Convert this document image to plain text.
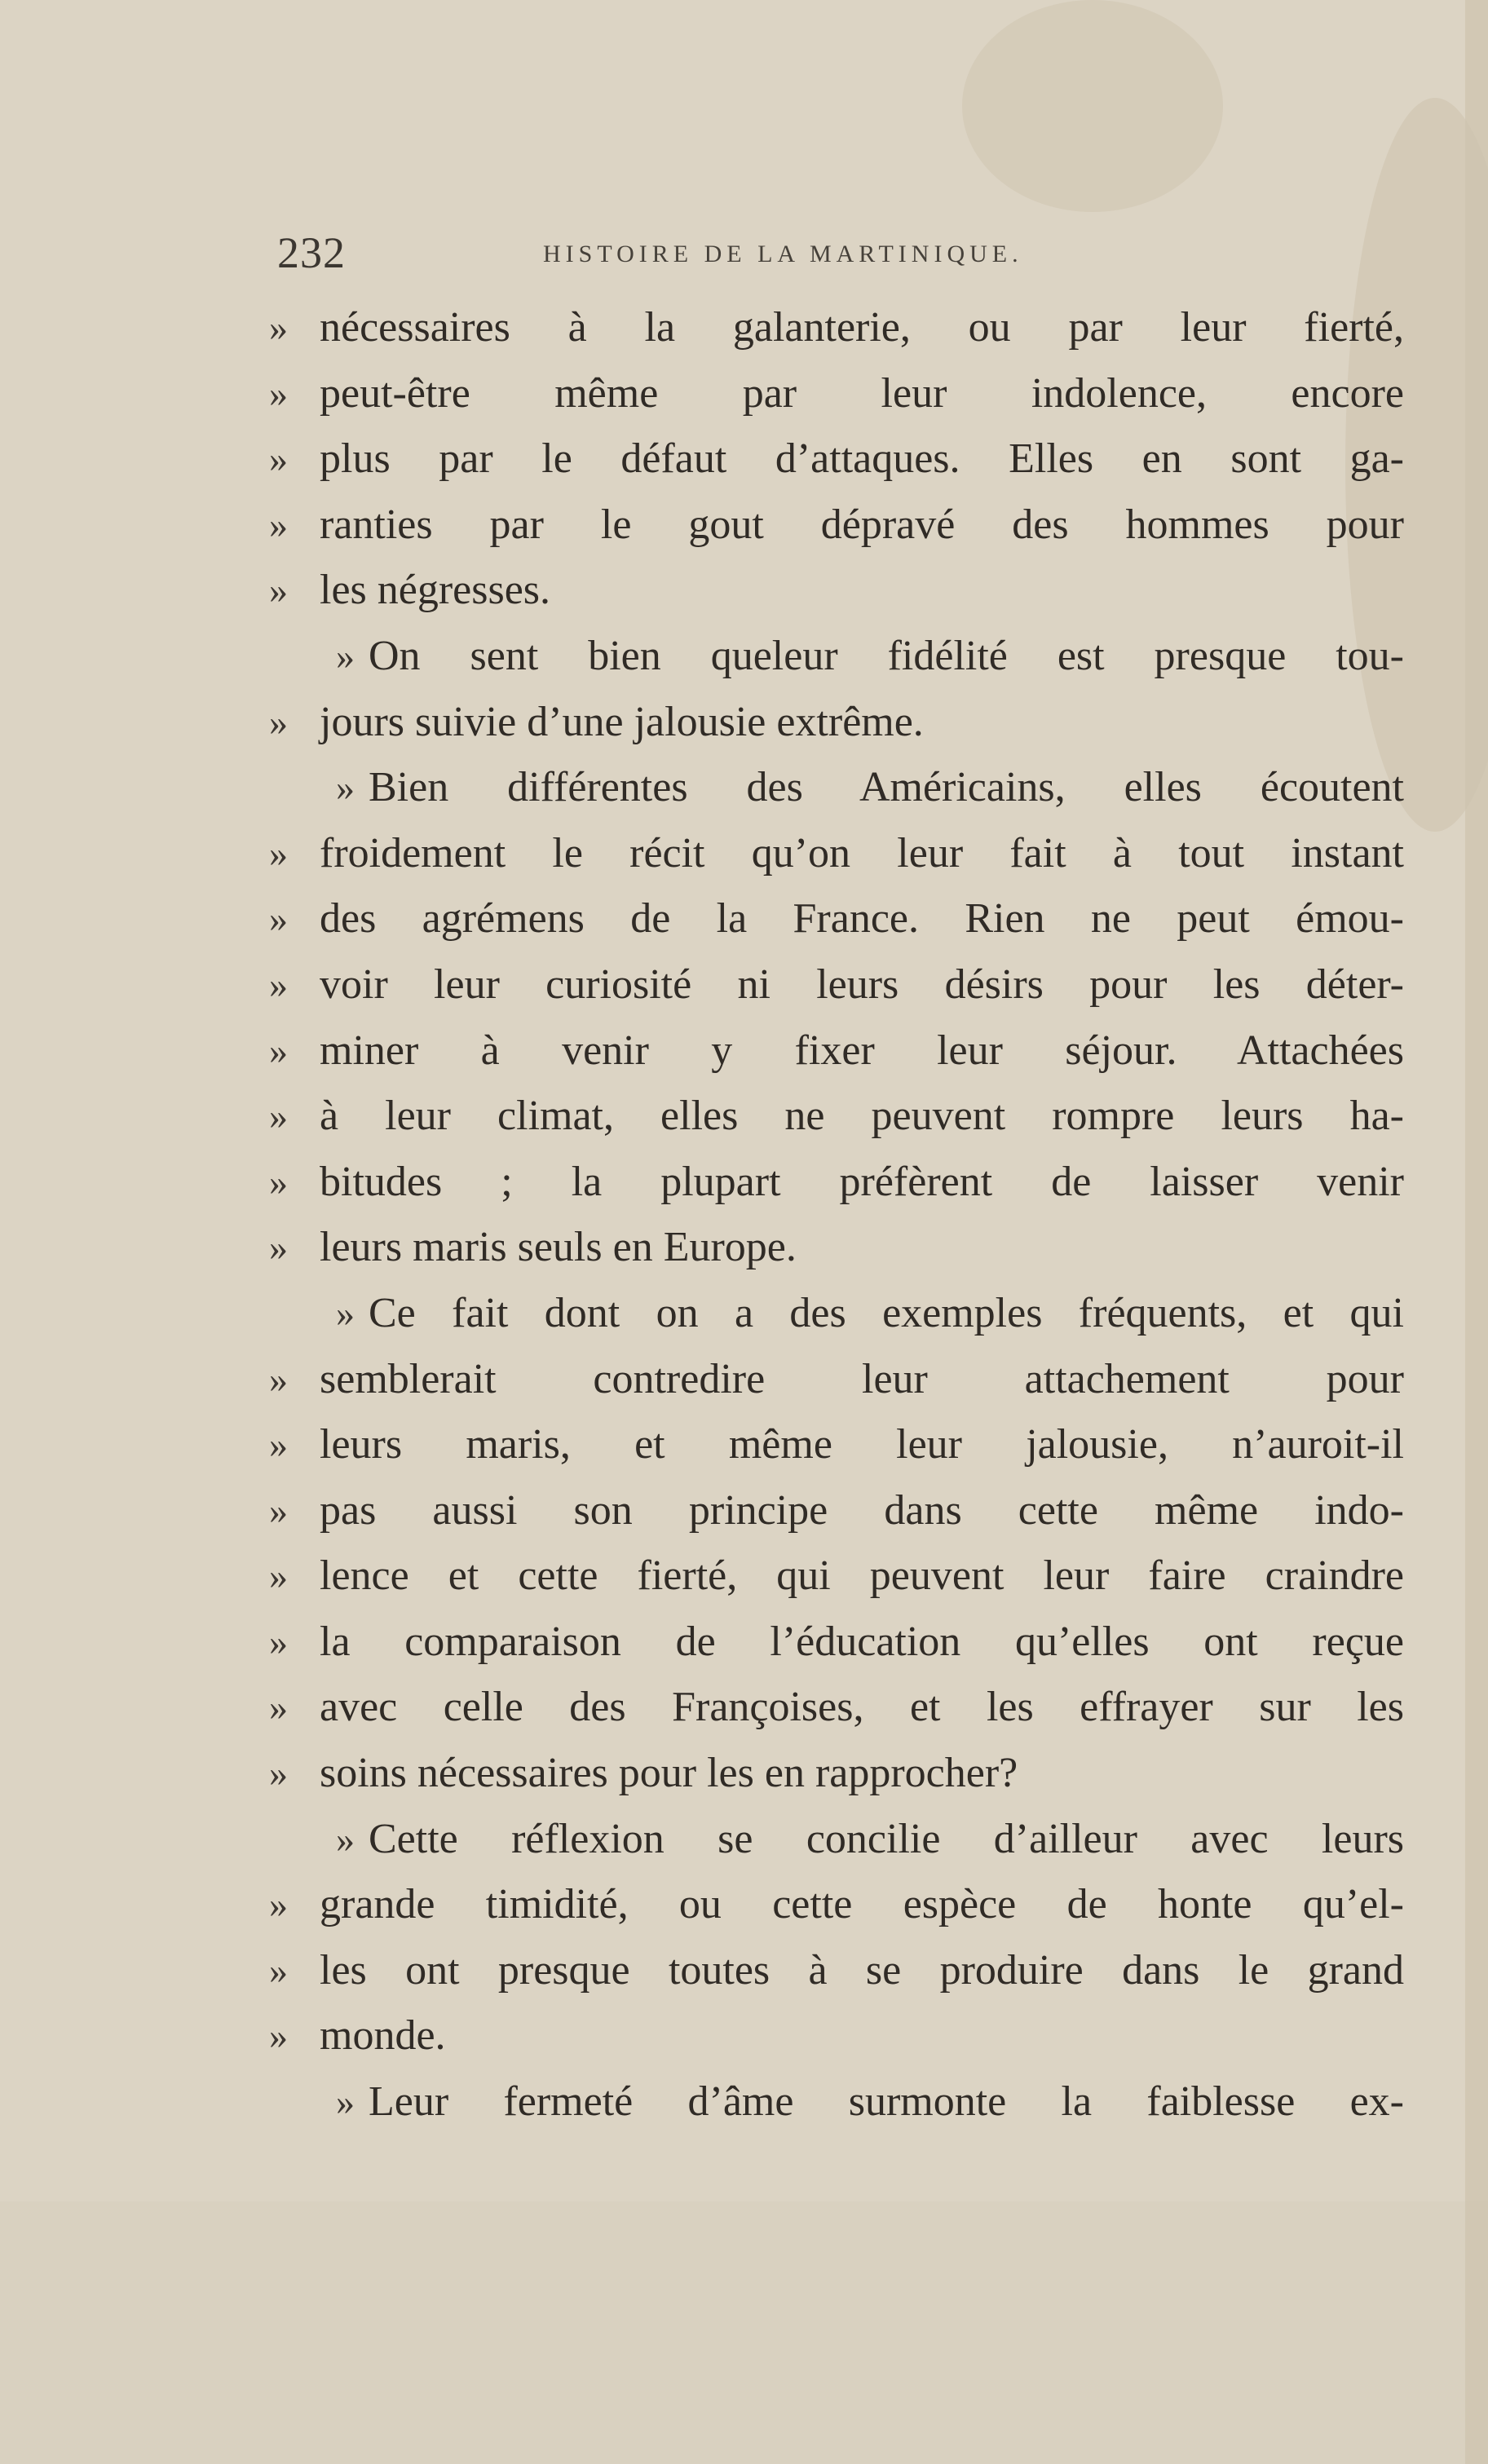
232	HISTOIRE DE LA MARTINIQUE.
» nécessaires à la galanterie, ou par leur fierté,
» peut-être même par leur indolence, encore
» plus par le défaut d’attaques. Elles en sont ga-
» ranties par le gout dépravé des hommes pour
» les négresses.
» On sent bien queleur fidélité est presque tou-
» jours suivie d’une jalousie extrême.
» Bien différentes des Américains, elles écoutent
» froidement le récit qu’on leur fait à tout instant
» des agrémens de la France. Rien ne peut émou-
» voir leur curiosité ni leurs désirs pour les déter-
» miner à venir y fixer leur séjour. Attachées
» à leur climat, elles ne peuvent rompre leurs ha-
» bitudes ; la plupart préfèrent de laisser venir
» leurs maris seuls en Europe.
» Ce fait dont on a des exemples fréquents, et qui
» semblerait contredire leur attachement pour
» leurs maris, et même leur jalousie, n’auroit-il
» pas aussi son principe dans cette même indo-
» lence et cette fierté, qui peuvent leur faire craindre
» la comparaison de l’éducation qu’elles ont reçue
» avec celle des Françoises, et les effrayer sur les
» soins nécessaires pour les en rapprocher?
» Cette réflexion se concilie d’ailleur avec leurs
» grande timidité, ou cette espèce de honte qu’el-
» les ont presque toutes à se produire dans le grand
» monde.
» Leur fermeté d’âme surmonte la faiblesse ex-
